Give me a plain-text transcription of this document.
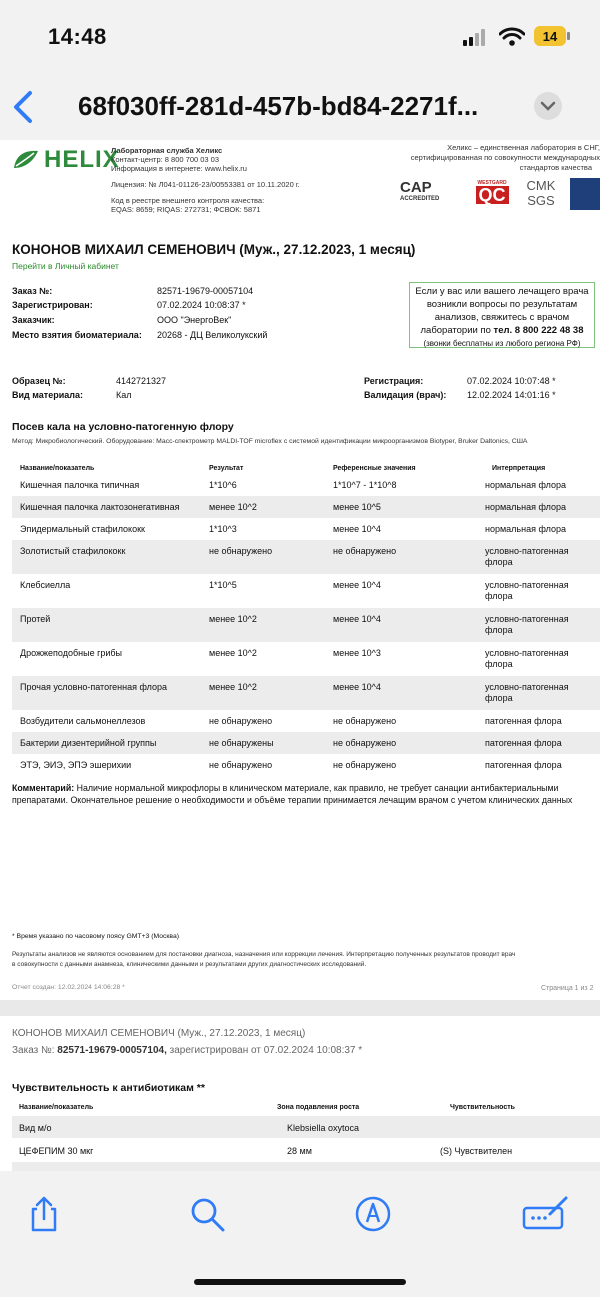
14:48	14
68f030ff-281d-457b-bd84-2271f...
HELIX
Лабораторная служба Хеликс
Контакт-центр: 8 800 700 03 03
Информация в интернете: www.helix.ru
Лицензия: № Л041-01126-23/00553381 от 10.11.2020 г.
Код в реестре внешнего контроля качества:
EQAS: 8659; RIQAS: 272731; ФСВОК: 5871
Хеликс – единственная лаборатория в СНГ,
сертифицированная по совокупности международных
стандартов качества
CAP
ACCREDITED
WESTGARD
QC CMK
SGS
КОНОНОВ МИХАИЛ СЕМЕНОВИЧ (Муж., 27.12.2023, 1 месяц)
Перейти в Личный кабинет
Заказ №:	82571-19679-00057104
Зарегистрирован:	07.02.2024 10:08:37 *
Заказчик:	ООО "ЭнергоВек"
Место взятия биоматериала: 20268 - ДЦ Великолукский
Если у вас или вашего лечащего врача
возникли вопросы по результатам
анализов, свяжитесь с врачом
лаборатории по тел. 8 800 222 48 38
(звонки бесплатны из любого региона РФ)
Образец №:	4142721327
Вид материала:	Кал
Регистрация:	07.02.2024 10:07:48 *
Валидация (врач): 12.02.2024 14:01:16 *
Посев кала на условно-патогенную флору
Метод: Микробиологический. Оборудование: Масс-спектрометр MALDI-TOF microflex с системой идентификации микроорганизмов Biotyper, Bruker Daltonics, США
Название/показатель	Результат	Референсные значения	Интерпретация
Кишечная палочка типичная	1*10^6	1*10^7 - 1*10^8	нормальная флора
Кишечная палочка лактозонегативная	менее 10^2	менее 10^5	нормальная флора
Эпидермальный стафилококк	1*10^3	менее 10^4	нормальная флора
Золотистый стафилококк	не обнаружено	не обнаружено	условно-патогенная флора
Клебсиелла	1*10^5	менее 10^4	условно-патогенная флора
Протей	менее 10^2	менее 10^4	условно-патогенная флора
Дрожжеподобные грибы	менее 10^2	менее 10^3	условно-патогенная флора
Прочая условно-патогенная флора	менее 10^2	менее 10^4	условно-патогенная флора
Возбудители сальмонеллезов	не обнаружено	не обнаружено	патогенная флора
Бактерии дизентерийной группы	не обнаружены	не обнаружено	патогенная флора
ЭТЭ, ЭИЭ, ЭПЭ эшерихии	не обнаружено	не обнаружено	патогенная флора
Комментарий: Наличие нормальной микрофлоры в клиническом материале, как правило, не требует санации антибактериальными препаратами. Окончательное решение о необходимости и объёме терапии принимается лечащим врачом с учетом клинических данных
* Время указано по часовому поясу GMT+3 (Москва)
Результаты анализов не являются основанием для постановки диагноза, назначения или коррекции лечения. Интерпретацию полученных результатов проводит врач
в совокупности с данными анамнеза, клиническими данными и результатами других диагностических исследований.
Отчет создан: 12.02.2024 14:06:28 *	Страница 1 из 2
КОНОНОВ МИХАИЛ СЕМЕНОВИЧ (Муж., 27.12.2023, 1 месяц)
Заказ №: 82571-19679-00057104, зарегистрирован от 07.02.2024 10:08:37 *
Чувствительность к антибиотикам **
Название/показатель	Зона подавления роста	Чувствительность
Вид м/о	Klebsiella oxytoca
ЦЕФЕПИМ 30 мкг	28 мм	(S) Чувствителен
